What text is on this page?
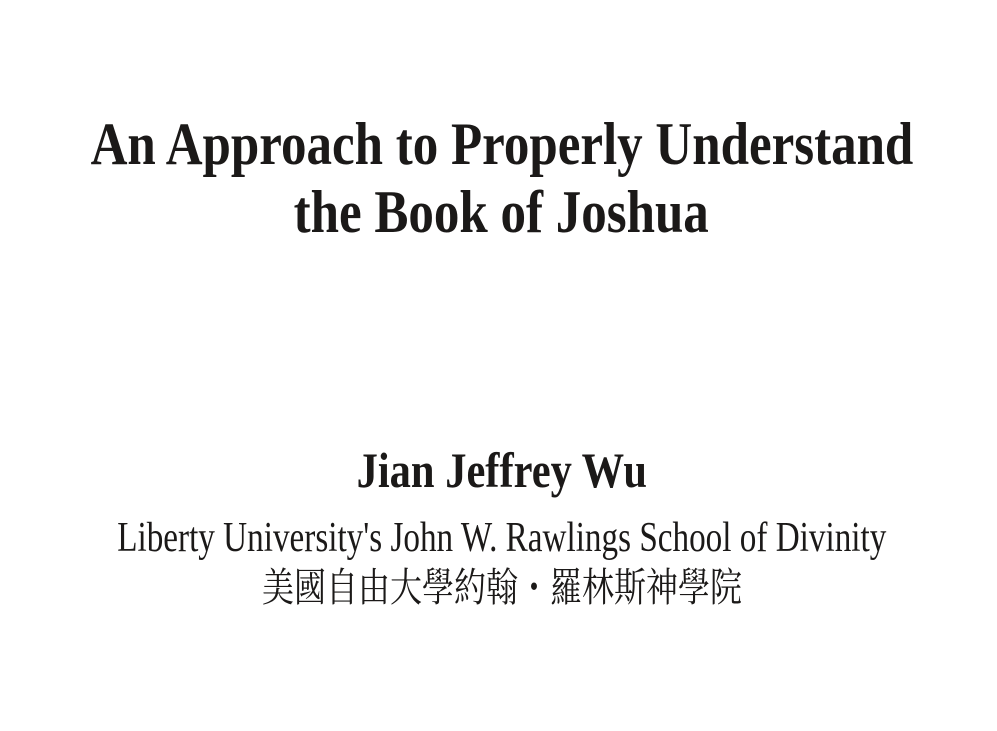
An Approach to Properly Understand
the Book of Joshua
Jian Jeffrey Wu
Liberty University's John W. Rawlings School of Divinity
美國自由大學約翰・羅林斯神學院
